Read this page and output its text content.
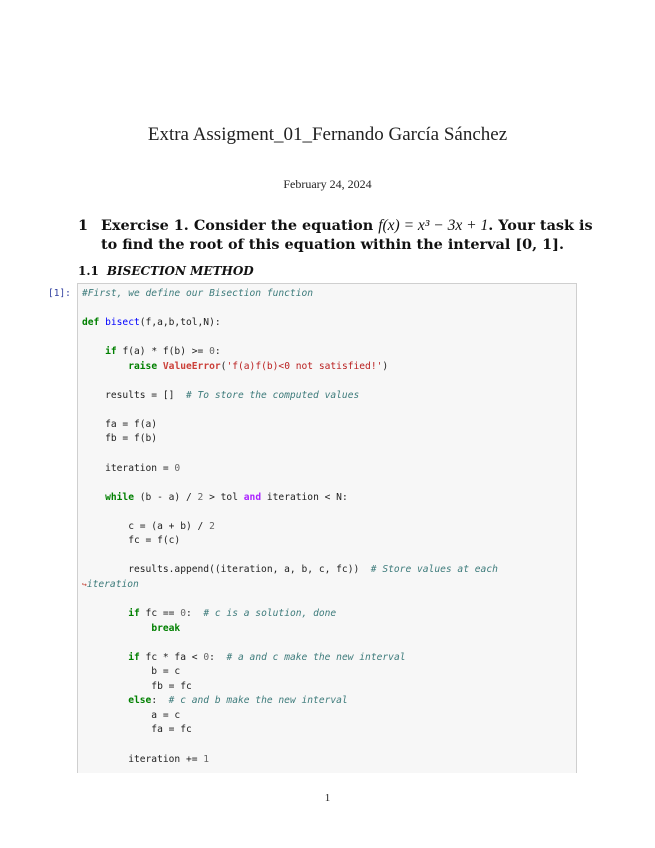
Extra Assigment_01_Fernando García Sánchez
February 24, 2024
1 Exercise 1. Consider the equation f(x) = x³ − 3x + 1. Your task is to find the root of this equation within the interval [0, 1].
1.1 BISECTION METHOD
[1]: #First, we define our Bisection function

def bisect(f,a,b,tol,N):

if f(a) * f(b) >= 0:
raise ValueError('f(a)f(b)<0 not satisfied!')

results = []  # To store the computed values

fa = f(a)
fb = f(b)

iteration = 0

while (b - a) / 2 > tol and iteration < N:

c = (a + b) / 2
fc = f(c)

results.append((iteration, a, b, c, fc))  # Store values at each
↪iteration

if fc == 0:  # c is a solution, done
break

if fc * fa < 0:  # a and c make the new interval
b = c
fb = fc
else:  # c and b make the new interval
a = c
fa = fc

iteration += 1
1
